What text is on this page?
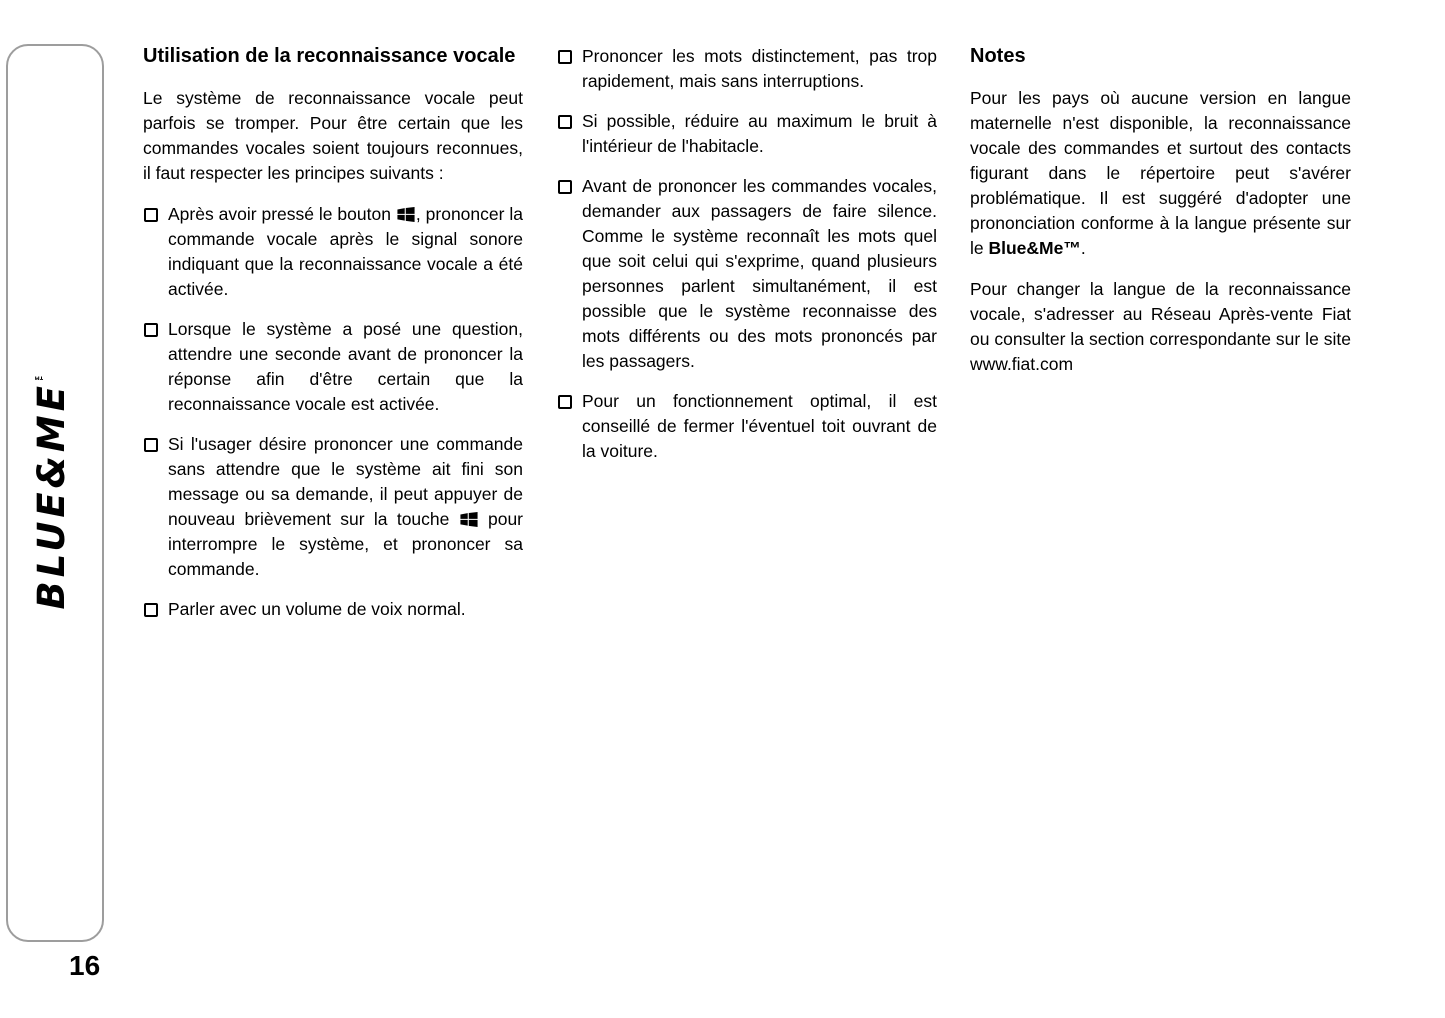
BLUE&ME™
16
Utilisation de la reconnaissance vocale
Le système de reconnaissance vocale peut parfois se tromper. Pour être certain que les commandes vocales soient toujours reconnues, il faut respecter les principes suivants :
Après avoir pressé le bouton
, prononcer la commande vocale après le signal sonore indiquant que la reconnaissance vocale a été activée.
Lorsque le système a posé une question, attendre une seconde avant de prononcer la réponse afin d'être certain que la reconnaissance vocale est activée.
Si l'usager désire prononcer une commande sans attendre que le système ait fini son message ou sa demande, il peut appuyer de nouveau brièvement sur la touche
pour interrompre le système, et prononcer sa commande.
Parler avec un volume de voix normal.
Prononcer les mots distinctement, pas trop rapidement, mais sans interruptions.
Si possible, réduire au maximum le bruit à l'intérieur de l'habitacle.
Avant de prononcer les commandes vocales, demander aux passagers de faire silence. Comme le système reconnaît les mots quel que soit celui qui s'exprime, quand plusieurs personnes parlent simultanément, il est possible que le système reconnaisse des mots différents ou des mots prononcés par les passagers.
Pour un fonctionnement optimal, il est conseillé de fermer l'éventuel toit ouvrant de la voiture.
Notes
Pour les pays où aucune version en langue maternelle n'est disponible, la reconnaissance vocale des commandes et surtout des contacts figurant dans le répertoire peut s'avérer problématique. Il est suggéré d'adopter une prononciation conforme à la langue présente sur le Blue&Me™.
Pour changer la langue de la reconnaissance vocale, s'adresser au Réseau Après-vente Fiat ou consulter la section correspondante sur le site www.fiat.com
